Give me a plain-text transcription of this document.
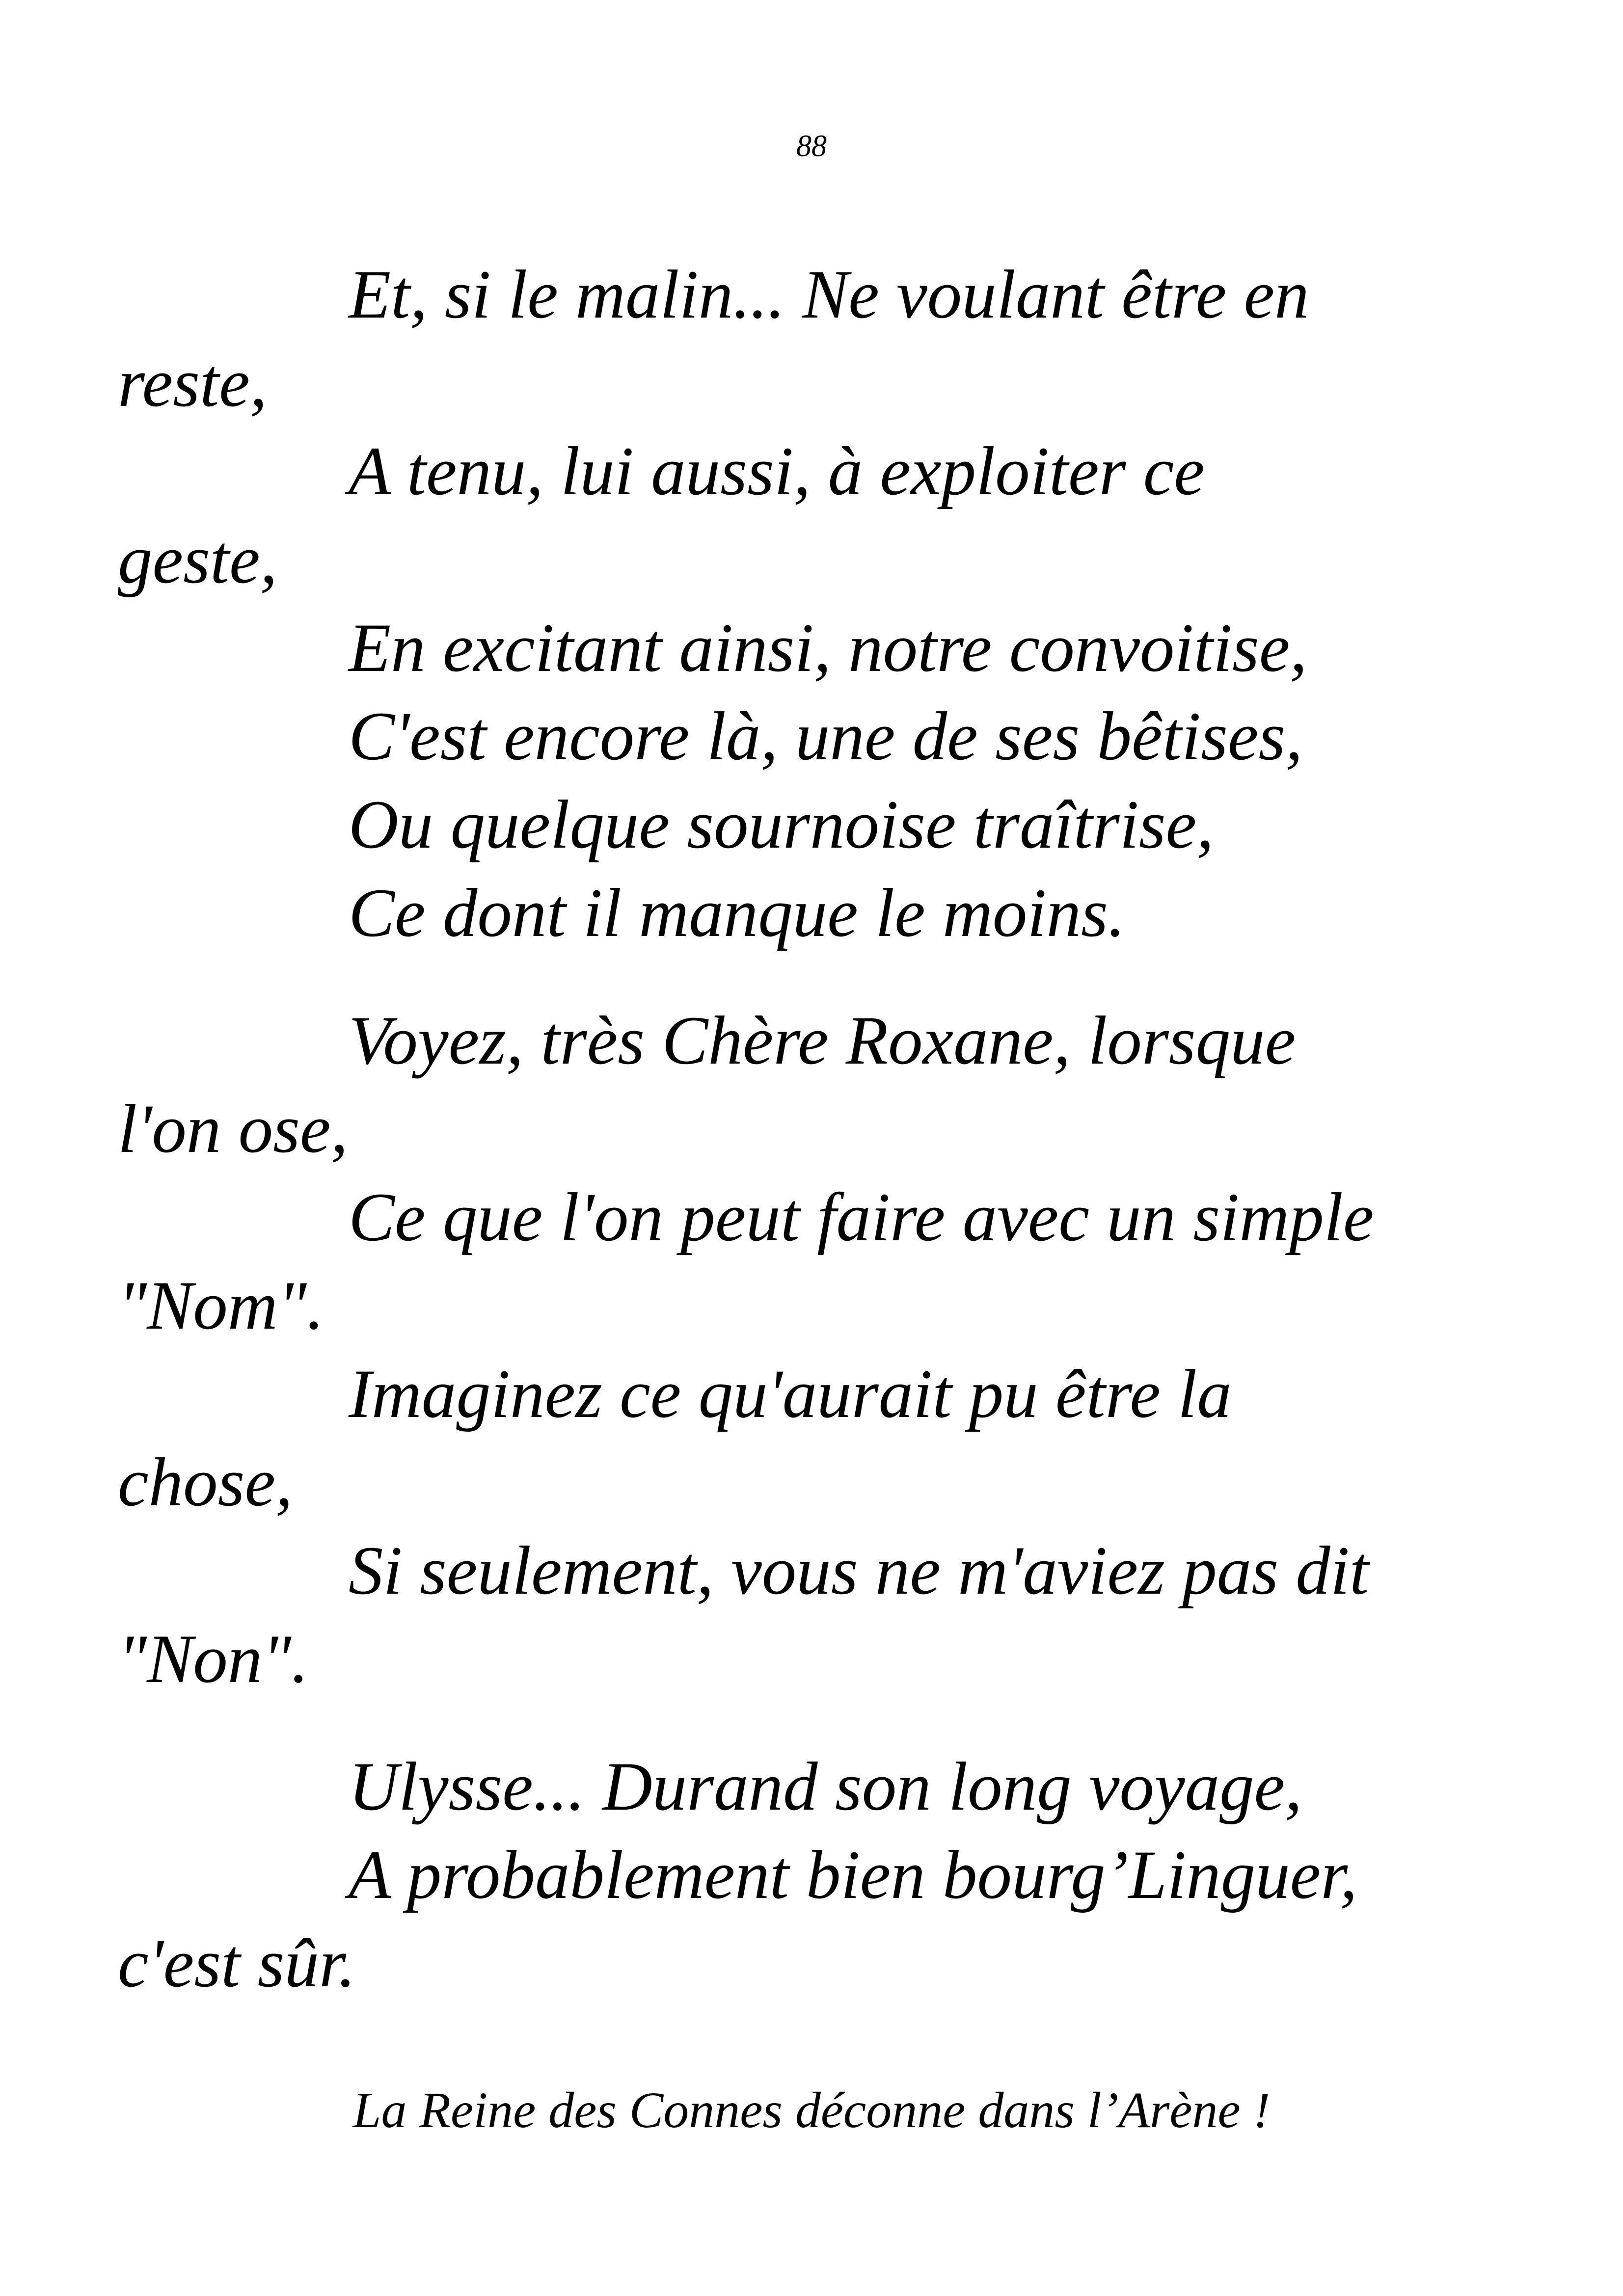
88
Et, si le malin... Ne voulant être en
reste,
A tenu, lui aussi, à exploiter ce
geste,
En excitant ainsi, notre convoitise,
C'est encore là, une de ses bêtises,
Ou quelque sournoise traîtrise,
Ce dont il manque le moins.
Voyez, très Chère Roxane, lorsque
l'on ose,
Ce que l'on peut faire avec un simple
"Nom".
Imaginez ce qu'aurait pu être la
chose,
Si seulement, vous ne m'aviez pas dit
"Non".
Ulysse... Durand son long voyage,
A probablement bien bourg’Linguer,
c'est sûr.
La Reine des Connes déconne dans l’Arène !
